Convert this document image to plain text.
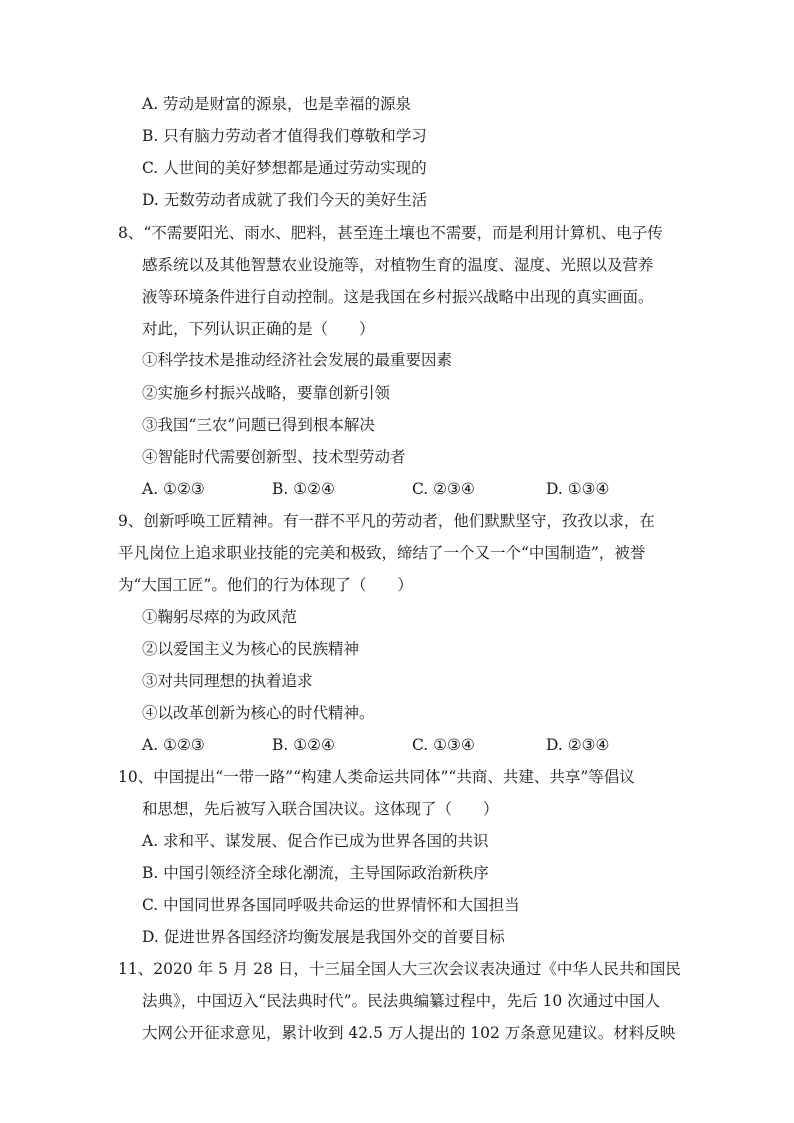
A. 劳动是财富的源泉，也是幸福的源泉
B. 只有脑力劳动者才值得我们尊敬和学习
C. 人世间的美好梦想都是通过劳动实现的
D. 无数劳动者成就了我们今天的美好生活
8、“不需要阳光、雨水、肥料，甚至连土壤也不需要，而是利用计算机、电子传
感系统以及其他智慧农业设施等，对植物生育的温度、湿度、光照以及营养
液等环境条件进行自动控制。这是我国在乡村振兴战略中出现的真实画面。
对此，下列认识正确的是（　　）
①科学技术是推动经济社会发展的最重要因素
②实施乡村振兴战略，要靠创新引领
③我国“三农”问题已得到根本解决
④智能时代需要创新型、技术型劳动者
A. ①②③	B. ①②④	C. ②③④	D. ①③④
9、创新呼唤工匠精神。有一群不平凡的劳动者，他们默默坚守，孜孜以求，在
平凡岗位上追求职业技能的完美和极致，缔结了一个又一个“中国制造”，被誉
为“大国工匠”。他们的行为体现了（　　）
①鞠躬尽瘁的为政风范
②以爱国主义为核心的民族精神
③对共同理想的执着追求
④以改革创新为核心的时代精神。
A. ①②③	B. ①②④	C. ①③④	D. ②③④
10、中国提出“一带一路”“构建人类命运共同体”“共商、共建、共享”等倡议
和思想，先后被写入联合国决议。这体现了（　　）
A. 求和平、谋发展、促合作已成为世界各国的共识
B. 中国引领经济全球化潮流，主导国际政治新秩序
C. 中国同世界各国同呼吸共命运的世界情怀和大国担当
D. 促进世界各国经济均衡发展是我国外交的首要目标
11、2020 年 5 月 28 日，十三届全国人大三次会议表决通过《中华人民共和国民
法典》，中国迈入“民法典时代”。民法典编纂过程中，先后 10 次通过中国人
大网公开征求意见，累计收到 42.5 万人提出的 102 万条意见建议。材料反映
